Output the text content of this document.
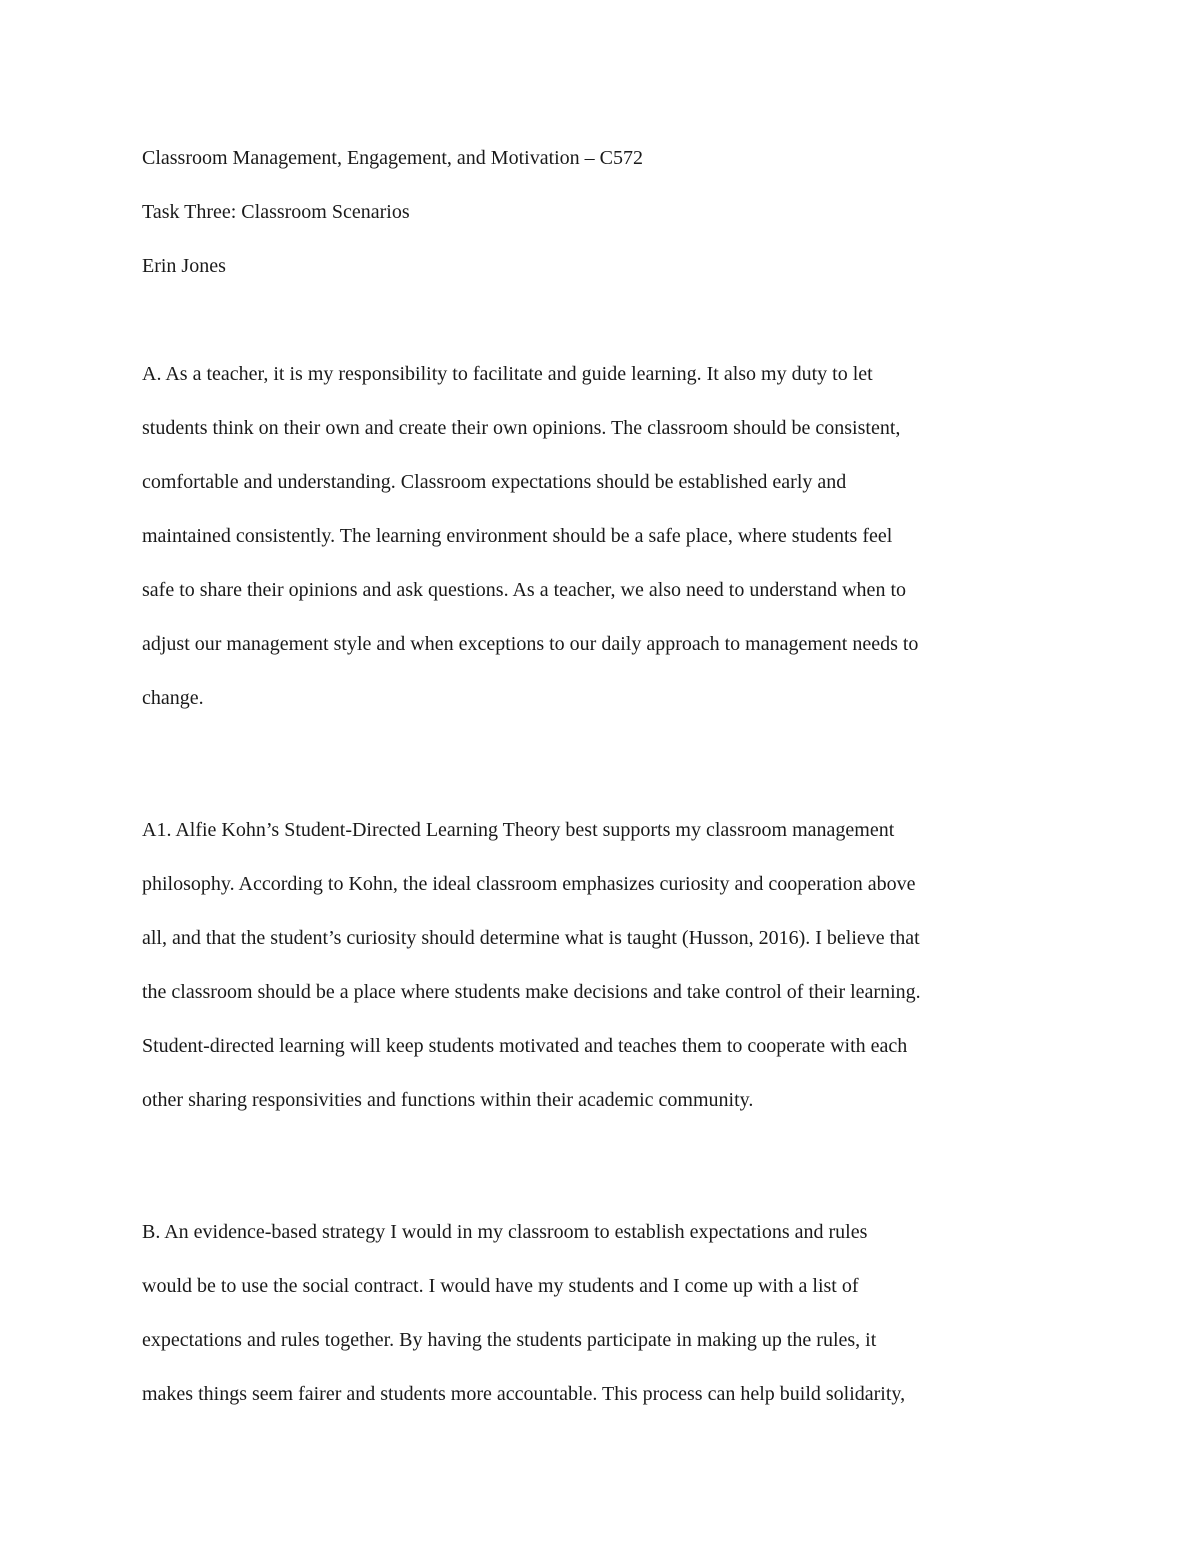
Classroom Management, Engagement, and Motivation – C572

Task Three: Classroom Scenarios

Erin Jones

A. As a teacher, it is my responsibility to facilitate and guide learning. It also my duty to let

students think on their own and create their own opinions. The classroom should be consistent,

comfortable and understanding. Classroom expectations should be established early and

maintained consistently. The learning environment should be a safe place, where students feel

safe to share their opinions and ask questions. As a teacher, we also need to understand when to

adjust our management style and when exceptions to our daily approach to management needs to

change.

A1. Alfie Kohn’s Student-Directed Learning Theory best supports my classroom management

philosophy. According to Kohn, the ideal classroom emphasizes curiosity and cooperation above

all, and that the student’s curiosity should determine what is taught (Husson, 2016). I believe that

the classroom should be a place where students make decisions and take control of their learning.

Student-directed learning will keep students motivated and teaches them to cooperate with each

other sharing responsivities and functions within their academic community.

B. An evidence-based strategy I would in my classroom to establish expectations and rules

would be to use the social contract. I would have my students and I come up with a list of

expectations and rules together. By having the students participate in making up the rules, it

makes things seem fairer and students more accountable. This process can help build solidarity,
